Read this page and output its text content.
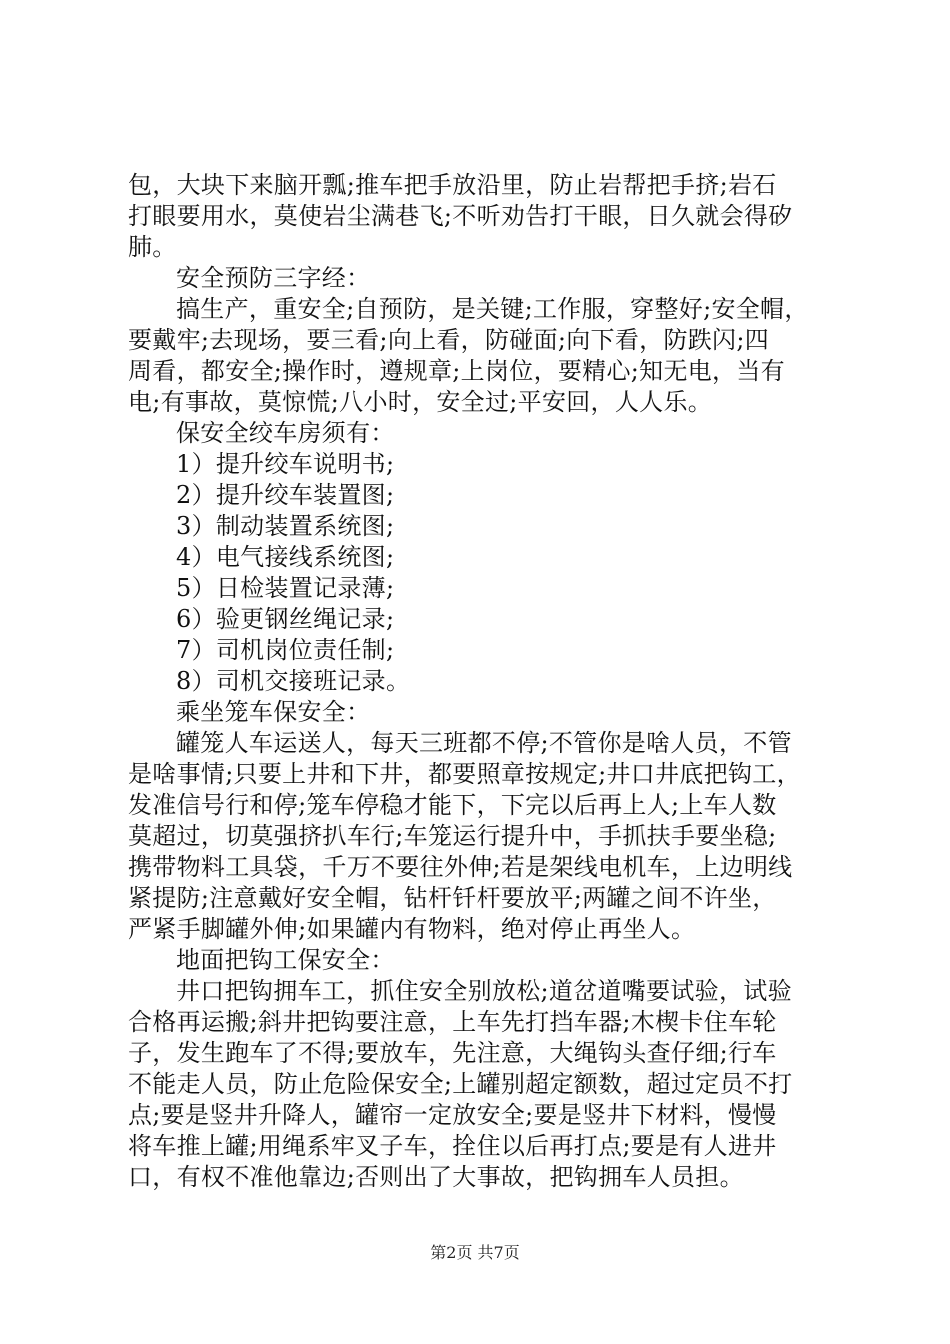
包，大块下来脑开瓢;推车把手放沿里，防止岩帮把手挤;岩石
打眼要用水，莫使岩尘满巷飞;不听劝告打干眼，日久就会得矽
肺。
安全预防三字经：
搞生产，重安全;自预防，是关键;工作服，穿整好;安全帽，
要戴牢;去现场，要三看;向上看，防碰面;向下看，防跌闪;四
周看，都安全;操作时，遵规章;上岗位，要精心;知无电，当有
电;有事故，莫惊慌;八小时，安全过;平安回，人人乐。
保安全绞车房须有：
1）提升绞车说明书;
2）提升绞车装置图;
3）制动装置系统图;
4）电气接线系统图;
5）日检装置记录薄;
6）验更钢丝绳记录;
7）司机岗位责任制;
8）司机交接班记录。
乘坐笼车保安全：
罐笼人车运送人，每天三班都不停;不管你是啥人员，不管
是啥事情;只要上井和下井，都要照章按规定;井口井底把钩工，
发准信号行和停;笼车停稳才能下，下完以后再上人;上车人数
莫超过，切莫强挤扒车行;车笼运行提升中，手抓扶手要坐稳;
携带物料工具袋，千万不要往外伸;若是架线电机车，上边明线
紧提防;注意戴好安全帽，钻杆钎杆要放平;两罐之间不许坐，
严紧手脚罐外伸;如果罐内有物料，绝对停止再坐人。
地面把钩工保安全：
井口把钩拥车工，抓住安全别放松;道岔道嘴要试验，试验
合格再运搬;斜井把钩要注意，上车先打挡车器;木楔卡住车轮
子，发生跑车了不得;要放车，先注意，大绳钩头查仔细;行车
不能走人员，防止危险保安全;上罐别超定额数，超过定员不打
点;要是竖井升降人，罐帘一定放安全;要是竖井下材料，慢慢
将车推上罐;用绳系牢叉子车，拴住以后再打点;要是有人进井
口，有权不准他靠边;否则出了大事故，把钩拥车人员担。
第2页 共7页
